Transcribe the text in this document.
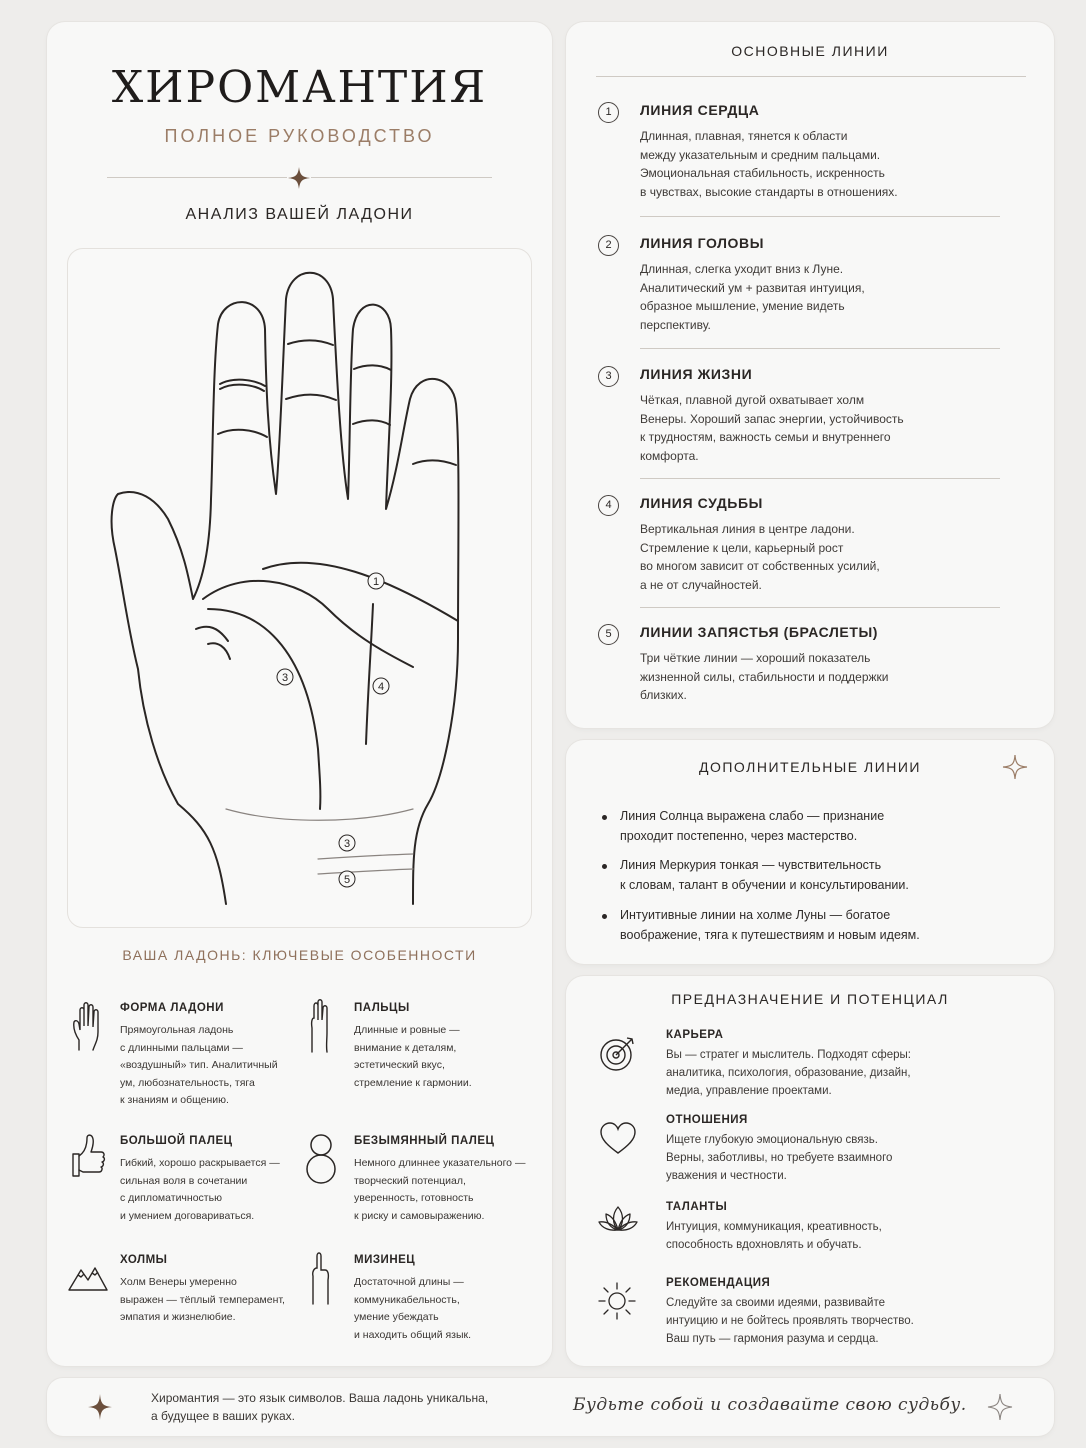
ХИРОМАНТИЯ
ПОЛНОЕ РУКОВОДСТВО
АНАЛИЗ ВАШЕЙ ЛАДОНИ
1
3
4
3
5
ВАША ЛАДОНЬ: КЛЮЧЕВЫЕ ОСОБЕННОСТИ
ФОРМА ЛАДОНИ
Прямоугольная ладонь
с длинными пальцами —
«воздушный» тип. Аналитичный
ум, любознательность, тяга
к знаниям и общению.
ПАЛЬЦЫ
Длинные и ровные —
внимание к деталям,
эстетический вкус,
стремление к гармонии.
БОЛЬШОЙ ПАЛЕЦ
Гибкий, хорошо раскрывается —
сильная воля в сочетании
с дипломатичностью
и умением договариваться.
БЕЗЫМЯННЫЙ ПАЛЕЦ
Немного длиннее указательного —
творческий потенциал,
уверенность, готовность
к риску и самовыражению.
ХОЛМЫ
Холм Венеры умеренно
выражен — тёплый темперамент,
эмпатия и жизнелюбие.
МИЗИНЕЦ
Достаточной длины —
коммуникабельность,
умение убеждать
и находить общий язык.
ОСНОВНЫЕ ЛИНИИ
1	ЛИНИЯ СЕРДЦА
Длинная, плавная, тянется к области
между указательным и средним пальцами.
Эмоциональная стабильность, искренность
в чувствах, высокие стандарты в отношениях.
2	ЛИНИЯ ГОЛОВЫ
Длинная, слегка уходит вниз к Луне.
Аналитический ум + развитая интуиция,
образное мышление, умение видеть
перспективу.
3	ЛИНИЯ ЖИЗНИ
Чёткая, плавной дугой охватывает холм
Венеры. Хороший запас энергии, устойчивость
к трудностям, важность семьи и внутреннего
комфорта.
4	ЛИНИЯ СУДЬБЫ
Вертикальная линия в центре ладони.
Стремление к цели, карьерный рост
во многом зависит от собственных усилий,
а не от случайностей.
5	ЛИНИИ ЗАПЯСТЬЯ (БРАСЛЕТЫ)
Три чёткие линии — хороший показатель
жизненной силы, стабильности и поддержки
близких.
ДОПОЛНИТЕЛЬНЫЕ ЛИНИИ
Линия Солнца выражена слабо — признание
проходит постепенно, через мастерство.
Линия Меркурия тонкая — чувствительность
к словам, талант в обучении и консультировании.
Интуитивные линии на холме Луны — богатое
воображение, тяга к путешествиям и новым идеям.
ПРЕДНАЗНАЧЕНИЕ И ПОТЕНЦИАЛ
КАРЬЕРА
Вы — стратег и мыслитель. Подходят сферы:
аналитика, психология, образование, дизайн,
медиа, управление проектами.
ОТНОШЕНИЯ
Ищете глубокую эмоциональную связь.
Верны, заботливы, но требуете взаимного
уважения и честности.
ТАЛАНТЫ
Интуиция, коммуникация, креативность,
способность вдохновлять и обучать.
РЕКОМЕНДАЦИЯ
Следуйте за своими идеями, развивайте
интуицию и не бойтесь проявлять творчество.
Ваш путь — гармония разума и сердца.
Хиромантия — это язык символов. Ваша ладонь уникальна,
а будущее в ваших руках.
Будьте собой и создавайте свою судьбу.
